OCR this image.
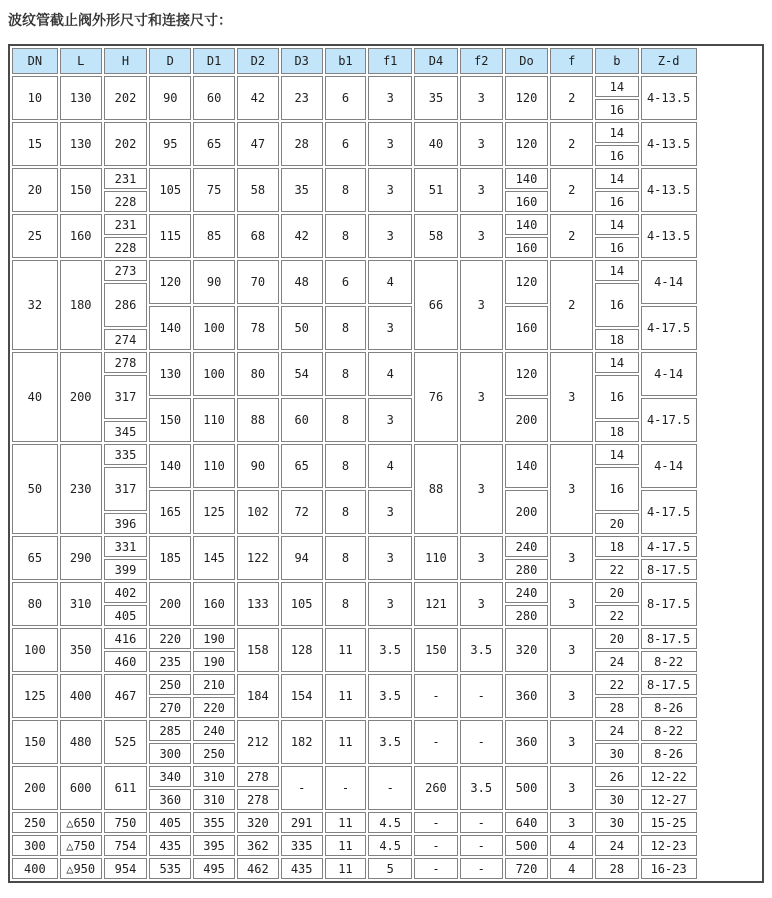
波纹管截止阀外形尺寸和连接尺寸：
DN	L	H	D	D1	D2	D3	b1	f1	D4	f2	Do	f	b	Z-d	
10	130	202	90	60	42	23	6	3	35	3	120	2	14	4-13.5	
													16		
15	130	202	95	65	47	28	6	3	40	3	120	2	14	4-13.5	
													16		
20	150	231	105	75	58	35	8	3	51	3	140	2	14	4-13.5	
		228									160		16		
25	160	231	115	85	68	42	8	3	58	3	140	2	14	4-13.5	
		228									160		16		
32	180	273	120	90	70	48	6	4	66	3	120	2	14	4-14	
		286											16		
			140	100	78	50	8	3			160			4-17.5	
		274											18		
40	200	278	130	100	80	54	8	4	76	3	120	3	14	4-14	
		317											16		
			150	110	88	60	8	3			200			4-17.5	
		345											18		
50	230	335	140	110	90	65	8	4	88	3	140	3	14	4-14	
		317											16		
			165	125	102	72	8	3			200			4-17.5	
		396											20		
65	290	331	185	145	122	94	8	3	110	3	240	3	18	4-17.5	
		399									280		22	8-17.5	
80	310	402	200	160	133	105	8	3	121	3	240	3	20	8-17.5	
		405									280		22		
100	350	416	220	190	158	128	11	3.5	150	3.5	320	3	20	8-17.5	
		460	235	190									24	8-22	
125	400	467	250	210	184	154	11	3.5	-	-	360	3	22	8-17.5	
			270	220									28	8-26	
150	480	525	285	240	212	182	11	3.5	-	-	360	3	24	8-22	
			300	250									30	8-26	
200	600	611	340	310	278	-	-	-	260	3.5	500	3	26	12-22	
			360	310	278								30	12-27	
250	△650	750	405	355	320	291	11	4.5	-	-	640	3	30	15-25	
300	△750	754	435	395	362	335	11	4.5	-	-	500	4	24	12-23	
400	△950	954	535	495	462	435	11	5	-	-	720	4	28	16-23	
